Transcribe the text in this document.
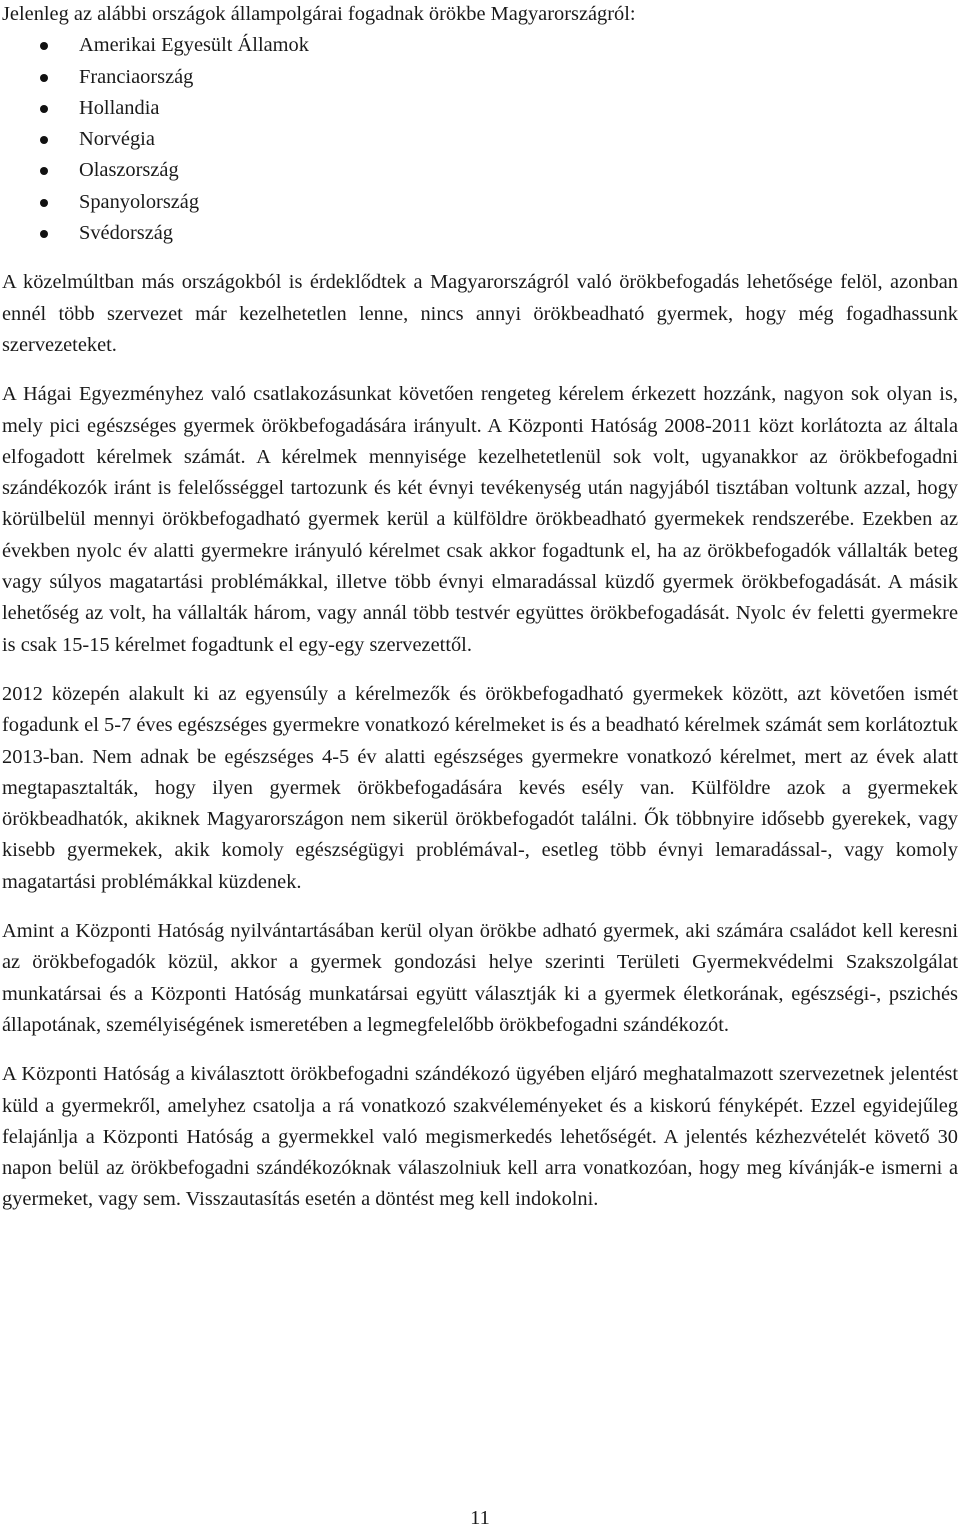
Jelenleg az alábbi országok állampolgárai fogadnak örökbe Magyarországról:

Amerikai Egyesült Államok
Franciaország
Hollandia
Norvégia
Olaszország
Spanyolország
Svédország

A közelmúltban más országokból is érdeklődtek a Magyarországról való örökbefogadás lehetősége felöl, azonban ennél több szervezet már kezelhetetlen lenne, nincs annyi örökbeadható gyermek, hogy még fogadhassunk szervezeteket.

A Hágai Egyezményhez való csatlakozásunkat követően rengeteg kérelem érkezett hozzánk, nagyon sok olyan is, mely pici egészséges gyermek örökbefogadására irányult. A Központi Hatóság 2008-2011 közt korlátozta az általa elfogadott kérelmek számát. A kérelmek mennyisége kezelhetetlenül sok volt, ugyanakkor az örökbefogadni szándékozók iránt is felelősséggel tartozunk és két évnyi tevékenység után nagyjából tisztában voltunk azzal, hogy körülbelül mennyi örökbefogadható gyermek kerül a külföldre örökbeadható gyermekek rendszerébe. Ezekben az években nyolc év alatti gyermekre irányuló kérelmet csak akkor fogadtunk el, ha az örökbefogadók vállalták beteg vagy súlyos magatartási problémákkal, illetve több évnyi elmaradással küzdő gyermek örökbefogadását. A másik lehetőség az volt, ha vállalták három, vagy annál több testvér együttes örökbefogadását. Nyolc év feletti gyermekre is csak 15-15 kérelmet fogadtunk el egy-egy szervezettől.

2012 közepén alakult ki az egyensúly a kérelmezők és örökbefogadható gyermekek között, azt követően ismét fogadunk el 5-7 éves egészséges gyermekre vonatkozó kérelmeket is és a beadható kérelmek számát sem korlátoztuk 2013-ban. Nem adnak be egészséges 4-5 év alatti egészséges gyermekre vonatkozó kérelmet, mert az évek alatt megtapasztalták, hogy ilyen gyermek örökbefogadására kevés esély van. Külföldre azok a gyermekek örökbeadhatók, akiknek Magyarországon nem sikerül örökbefogadót találni. Ők többnyire idősebb gyerekek, vagy kisebb gyermekek, akik komoly egészségügyi problémával-, esetleg több évnyi lemaradással-, vagy komoly magatartási problémákkal küzdenek.

Amint a Központi Hatóság nyilvántartásában kerül olyan örökbe adható gyermek, aki számára családot kell keresni az örökbefogadók közül, akkor a gyermek gondozási helye szerinti Területi Gyermekvédelmi Szakszolgálat munkatársai és a Központi Hatóság munkatársai együtt választják ki a gyermek életkorának, egészségi-, pszichés állapotának, személyiségének ismeretében a legmegfelelőbb örökbefogadni szándékozót.

A Központi Hatóság a kiválasztott örökbefogadni szándékozó ügyében eljáró meghatalmazott szervezetnek jelentést küld a gyermekről, amelyhez csatolja a rá vonatkozó szakvéleményeket és a kiskorú fényképét. Ezzel egyidejűleg felajánlja a Központi Hatóság a gyermekkel való megismerkedés lehetőségét. A jelentés kézhezvételét követő 30 napon belül az örökbefogadni szándékozóknak válaszolniuk kell arra vonatkozóan, hogy meg kívánják-e ismerni a gyermeket, vagy sem. Visszautasítás esetén a döntést meg kell indokolni.

11
